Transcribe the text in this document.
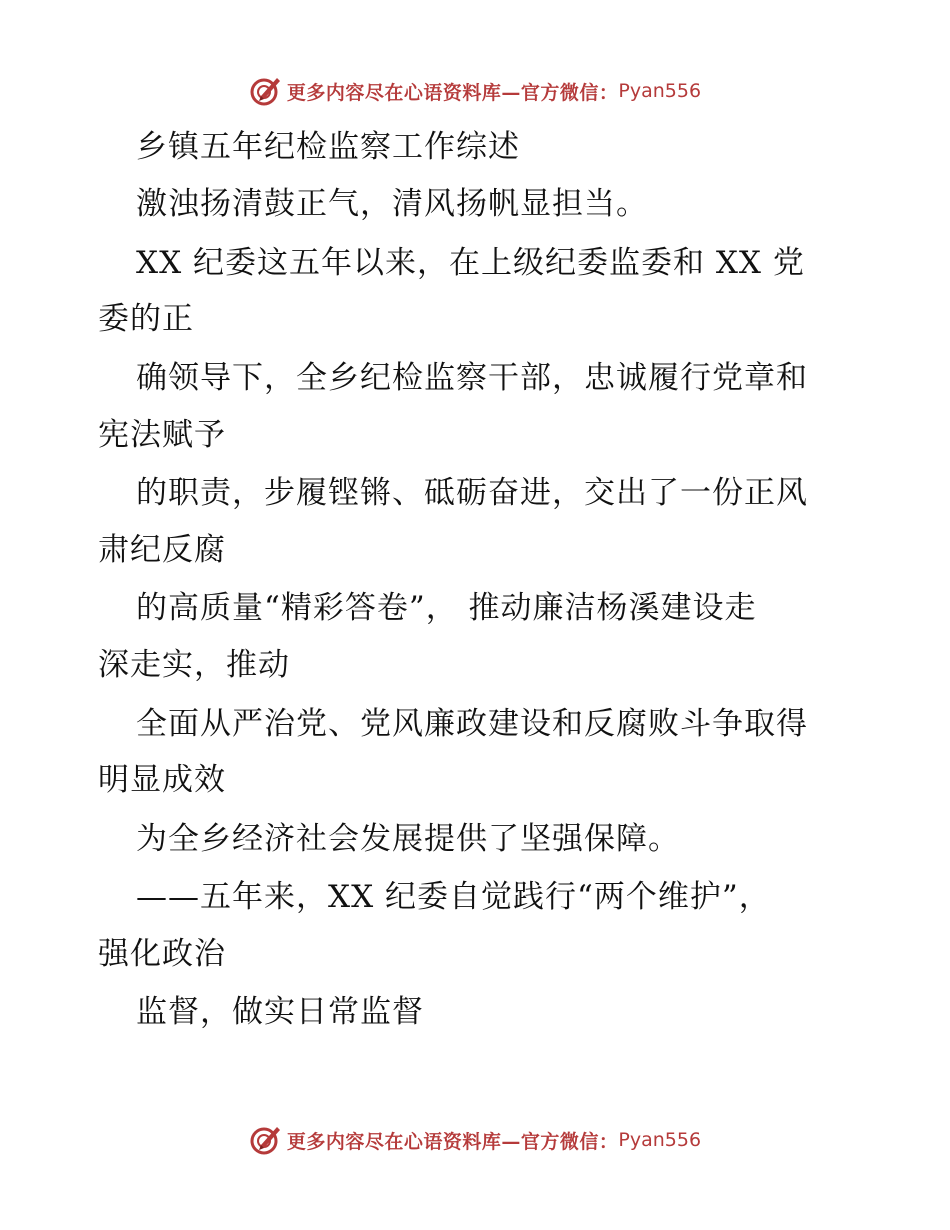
更多内容尽在心语资料库—官方微信： Pyan556
乡镇五年纪检监察工作综述
激浊扬清鼓正气，清风扬帆显担当。
XX 纪委这五年以来，在上级纪委监委和 XX 党
委的正
确领导下，全乡纪检监察干部，忠诚履行党章和
宪法赋予
的职责，步履铿锵、砥砺奋进，交出了一份正风
肃纪反腐
的高质量“精彩答卷”， 推动廉洁杨溪建设走
深走实，推动
全面从严治党、党风廉政建设和反腐败斗争取得
明显成效
为全乡经济社会发展提供了坚强保障。
——五年来，XX 纪委自觉践行“两个维护”，
强化政治
监督，做实日常监督
更多内容尽在心语资料库—官方微信： Pyan556
